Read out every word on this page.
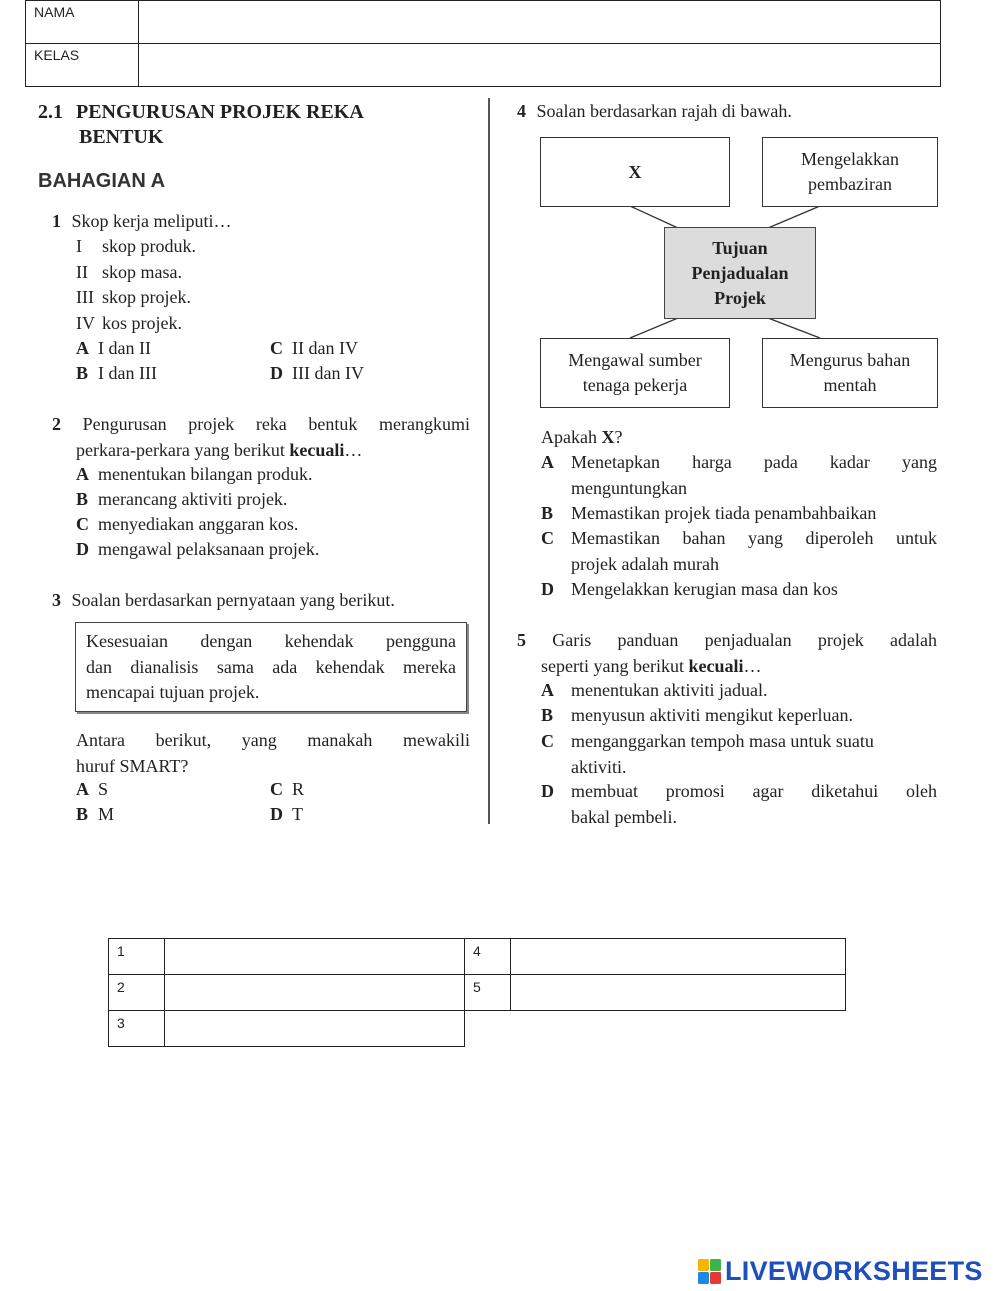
NAMA	
KELAS	
2.1 PENGURUSAN PROJEK REKA
BENTUK
BAHAGIAN A
1 Skop kerja meliputi…
I skop produk.
II skop masa.
III skop projek.
IV kos projek.
A I dan II
B I dan III
C II dan IV
D III dan IV
2 Pengurusan projek reka bentuk merangkumi
perkara-perkara yang berikut kecuali…
A menentukan bilangan produk.
B merancang aktiviti projek.
C menyediakan anggaran kos.
D mengawal pelaksanaan projek.
3 Soalan berdasarkan pernyataan yang berikut.
Kesesuaian dengan kehendak pengguna
dan dianalisis sama ada kehendak mereka
mencapai tujuan projek.
Antara berikut, yang manakah mewakili
huruf SMART?
A S
B M
C R
D T
4 Soalan berdasarkan rajah di bawah.
X
Mengelakkan
pembaziran
Tujuan
Penjadualan
Projek
Mengawal sumber
tenaga pekerja
Mengurus bahan
mentah
Apakah X?
A Menetapkan harga pada kadar yang
menguntungkan
B Memastikan projek tiada penambahbaikan
C Memastikan bahan yang diperoleh untuk
projek adalah murah
D Mengelakkan kerugian masa dan kos
5 Garis panduan penjadualan projek adalah
seperti yang berikut kecuali…
A menentukan aktiviti jadual.
B menyusun aktiviti mengikut keperluan.
C menganggarkan tempoh masa untuk suatu
aktiviti.
D membuat promosi agar diketahui oleh
bakal pembeli.
1		4	
2		5	
3			
LIVEWORKSHEETS
